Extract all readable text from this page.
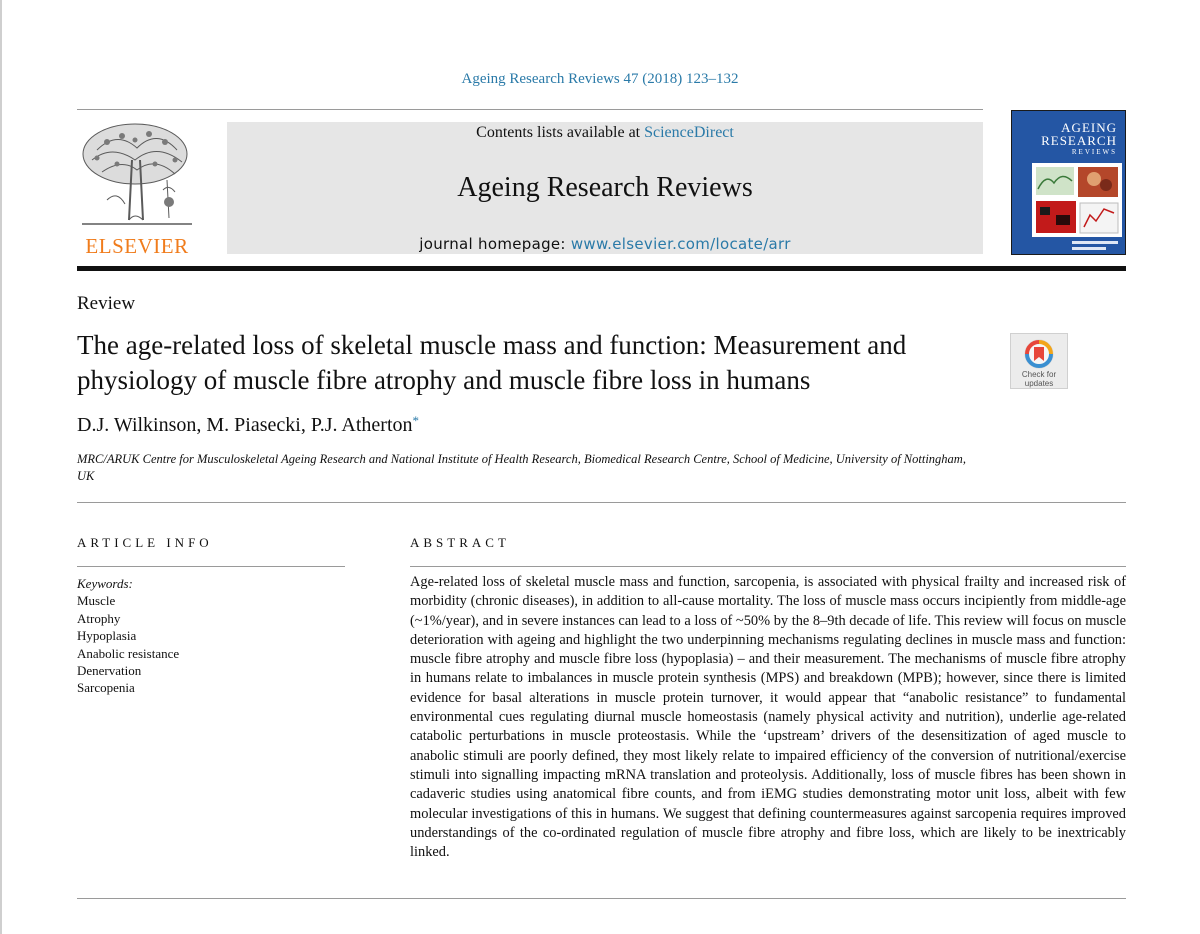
Ageing Research Reviews 47 (2018) 123–132
ELSEVIER
Contents lists available at ScienceDirect
Ageing Research Reviews
journal homepage: www.elsevier.com/locate/arr
AGEING
RESEARCH
REVIEWS
Review
The age-related loss of skeletal muscle mass and function: Measurement and physiology of muscle fibre atrophy and muscle fibre loss in humans	Check for
updates
D.J. Wilkinson, M. Piasecki, P.J. Atherton*
MRC/ARUK Centre for Musculoskeletal Ageing Research and National Institute of Health Research, Biomedical Research Centre, School of Medicine, University of Nottingham, UK
ARTICLE INFO	ABSTRACT
Keywords:
Muscle
Atrophy
Hypoplasia
Anabolic resistance
Denervation
Sarcopenia
Age-related loss of skeletal muscle mass and function, sarcopenia, is associated with physical frailty and increased risk of morbidity (chronic diseases), in addition to all-cause mortality. The loss of muscle mass occurs incipiently from middle-age (~1%/year), and in severe instances can lead to a loss of ~50% by the 8–9th decade of life. This review will focus on muscle deterioration with ageing and highlight the two underpinning mechanisms regulating declines in muscle mass and function: muscle fibre atrophy and muscle fibre loss (hypoplasia) – and their measurement. The mechanisms of muscle fibre atrophy in humans relate to imbalances in muscle protein synthesis (MPS) and breakdown (MPB); however, since there is limited evidence for basal alterations in muscle protein turnover, it would appear that “anabolic resistance” to fundamental environmental cues regulating diurnal muscle homeostasis (namely physical activity and nutrition), underlie age-related catabolic perturbations in muscle proteostasis. While the ‘upstream’ drivers of the desensitization of aged muscle to anabolic stimuli are poorly defined, they most likely relate to impaired efficiency of the conversion of nutritional/exercise stimuli into signalling impacting mRNA translation and proteolysis. Additionally, loss of muscle fibres has been shown in cadaveric studies using anatomical fibre counts, and from iEMG studies demonstrating motor unit loss, albeit with few molecular investigations of this in humans. We suggest that defining countermeasures against sarcopenia requires improved understandings of the co-ordinated regulation of muscle fibre atrophy and fibre loss, which are likely to be inextricably linked.
